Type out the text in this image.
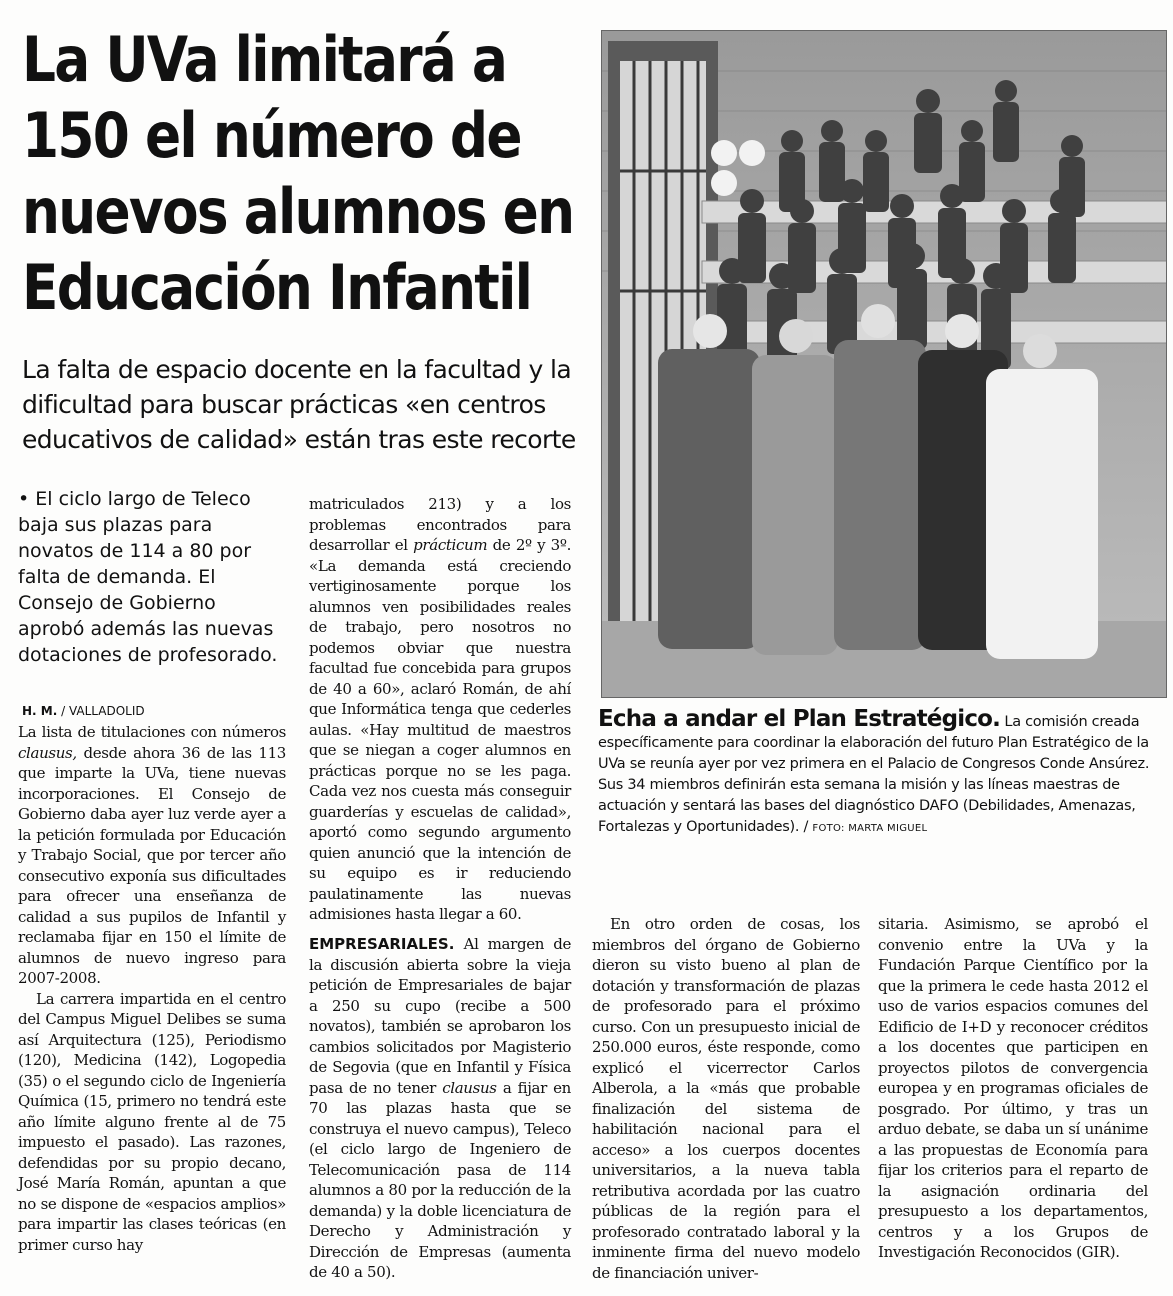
La UVa limitará a 150 el número de nuevos alumnos en Educación Infantil

La falta de espacio docente en la facultad y la dificultad para buscar prácticas «en centros educativos de calidad» están tras este recorte

• El ciclo largo de Teleco baja sus plazas para novatos de 114 a 80 por falta de demanda. El Consejo de Gobierno aprobó además las nuevas dotaciones de profesorado.

H. M. / VALLADOLID

La lista de titulaciones con números clausus, desde ahora 36 de las 113 que imparte la UVa, tiene nuevas incorporaciones. El Consejo de Gobierno daba ayer luz verde ayer a la petición formulada por Educación y Trabajo Social, que por tercer año consecutivo exponía sus dificultades para ofrecer una enseñanza de calidad a sus pupilos de Infantil y reclamaba fijar en 150 el límite de alumnos de nuevo ingreso para 2007-2008.

La carrera impartida en el centro del Campus Miguel Delibes se suma así Arquitectura (125), Periodismo (120), Medicina (142), Logopedia (35) o el segundo ciclo de Ingeniería Química (15, primero no tendrá este año límite alguno frente al de 75 impuesto el pasado). Las razones, defendidas por su propio decano, José María Román, apuntan a que no se dispone de «espacios amplios» para impartir las clases teóricas (en primer curso hay

matriculados 213) y a los problemas encontrados para desarrollar el prácticum de 2º y 3º. «La demanda está creciendo vertiginosamente porque los alumnos ven posibilidades reales de trabajo, pero nosotros no podemos obviar que nuestra facultad fue concebida para grupos de 40 a 60», aclaró Román, de ahí que Informática tenga que cederles aulas. «Hay multitud de maestros que se niegan a coger alumnos en prácticas porque no se les paga. Cada vez nos cuesta más conseguir guarderías y escuelas de calidad», aportó como segundo argumento quien anunció que la intención de su equipo es ir reduciendo paulatinamente las nuevas admisiones hasta llegar a 60.

EMPRESARIALES. Al margen de la discusión abierta sobre la vieja petición de Empresariales de bajar a 250 su cupo (recibe a 500 novatos), también se aprobaron los cambios solicitados por Magisterio de Segovia (que en Infantil y Física pasa de no tener clausus a fijar en 70 las plazas hasta que se construya el nuevo campus), Teleco (el ciclo largo de Ingeniero de Telecomunicación pasa de 114 alumnos a 80 por la reducción de la demanda) y la doble licenciatura de Derecho y Administración y Dirección de Empresas (aumenta de 40 a 50).

En otro orden de cosas, los miembros del órgano de Gobierno dieron su visto bueno al plan de dotación y transformación de plazas de profesorado para el próximo curso. Con un presupuesto inicial de 250.000 euros, éste responde, como explicó el vicerrector Carlos Alberola, a la «más que probable finalización del sistema de habilitación nacional para el acceso» a los cuerpos docentes universitarios, a la nueva tabla retributiva acordada por las cuatro públicas de la región para el profesorado contratado laboral y la inminente firma del nuevo modelo de financiación univer-

sitaria. Asimismo, se aprobó el convenio entre la UVa y la Fundación Parque Científico por la que la primera le cede hasta 2012 el uso de varios espacios comunes del Edificio de I+D y reconocer créditos a los docentes que participen en proyectos pilotos de convergencia europea y en programas oficiales de posgrado. Por último, y tras un arduo debate, se daba un sí unánime a las propuestas de Economía para fijar los criterios para el reparto de la asignación ordinaria del presupuesto a los departamentos, centros y a los Grupos de Investigación Reconocidos (GIR).

Echa a andar el Plan Estratégico. La comisión creada específicamente para coordinar la elaboración del futuro Plan Estratégico de la UVa se reunía ayer por vez primera en el Palacio de Congresos Conde Ansúrez. Sus 34 miembros definirán esta semana la misión y las líneas maestras de actuación y sentará las bases del diagnóstico DAFO (Debilidades, Amenazas, Fortalezas y Oportunidades). / FOTO: MARTA MIGUEL
